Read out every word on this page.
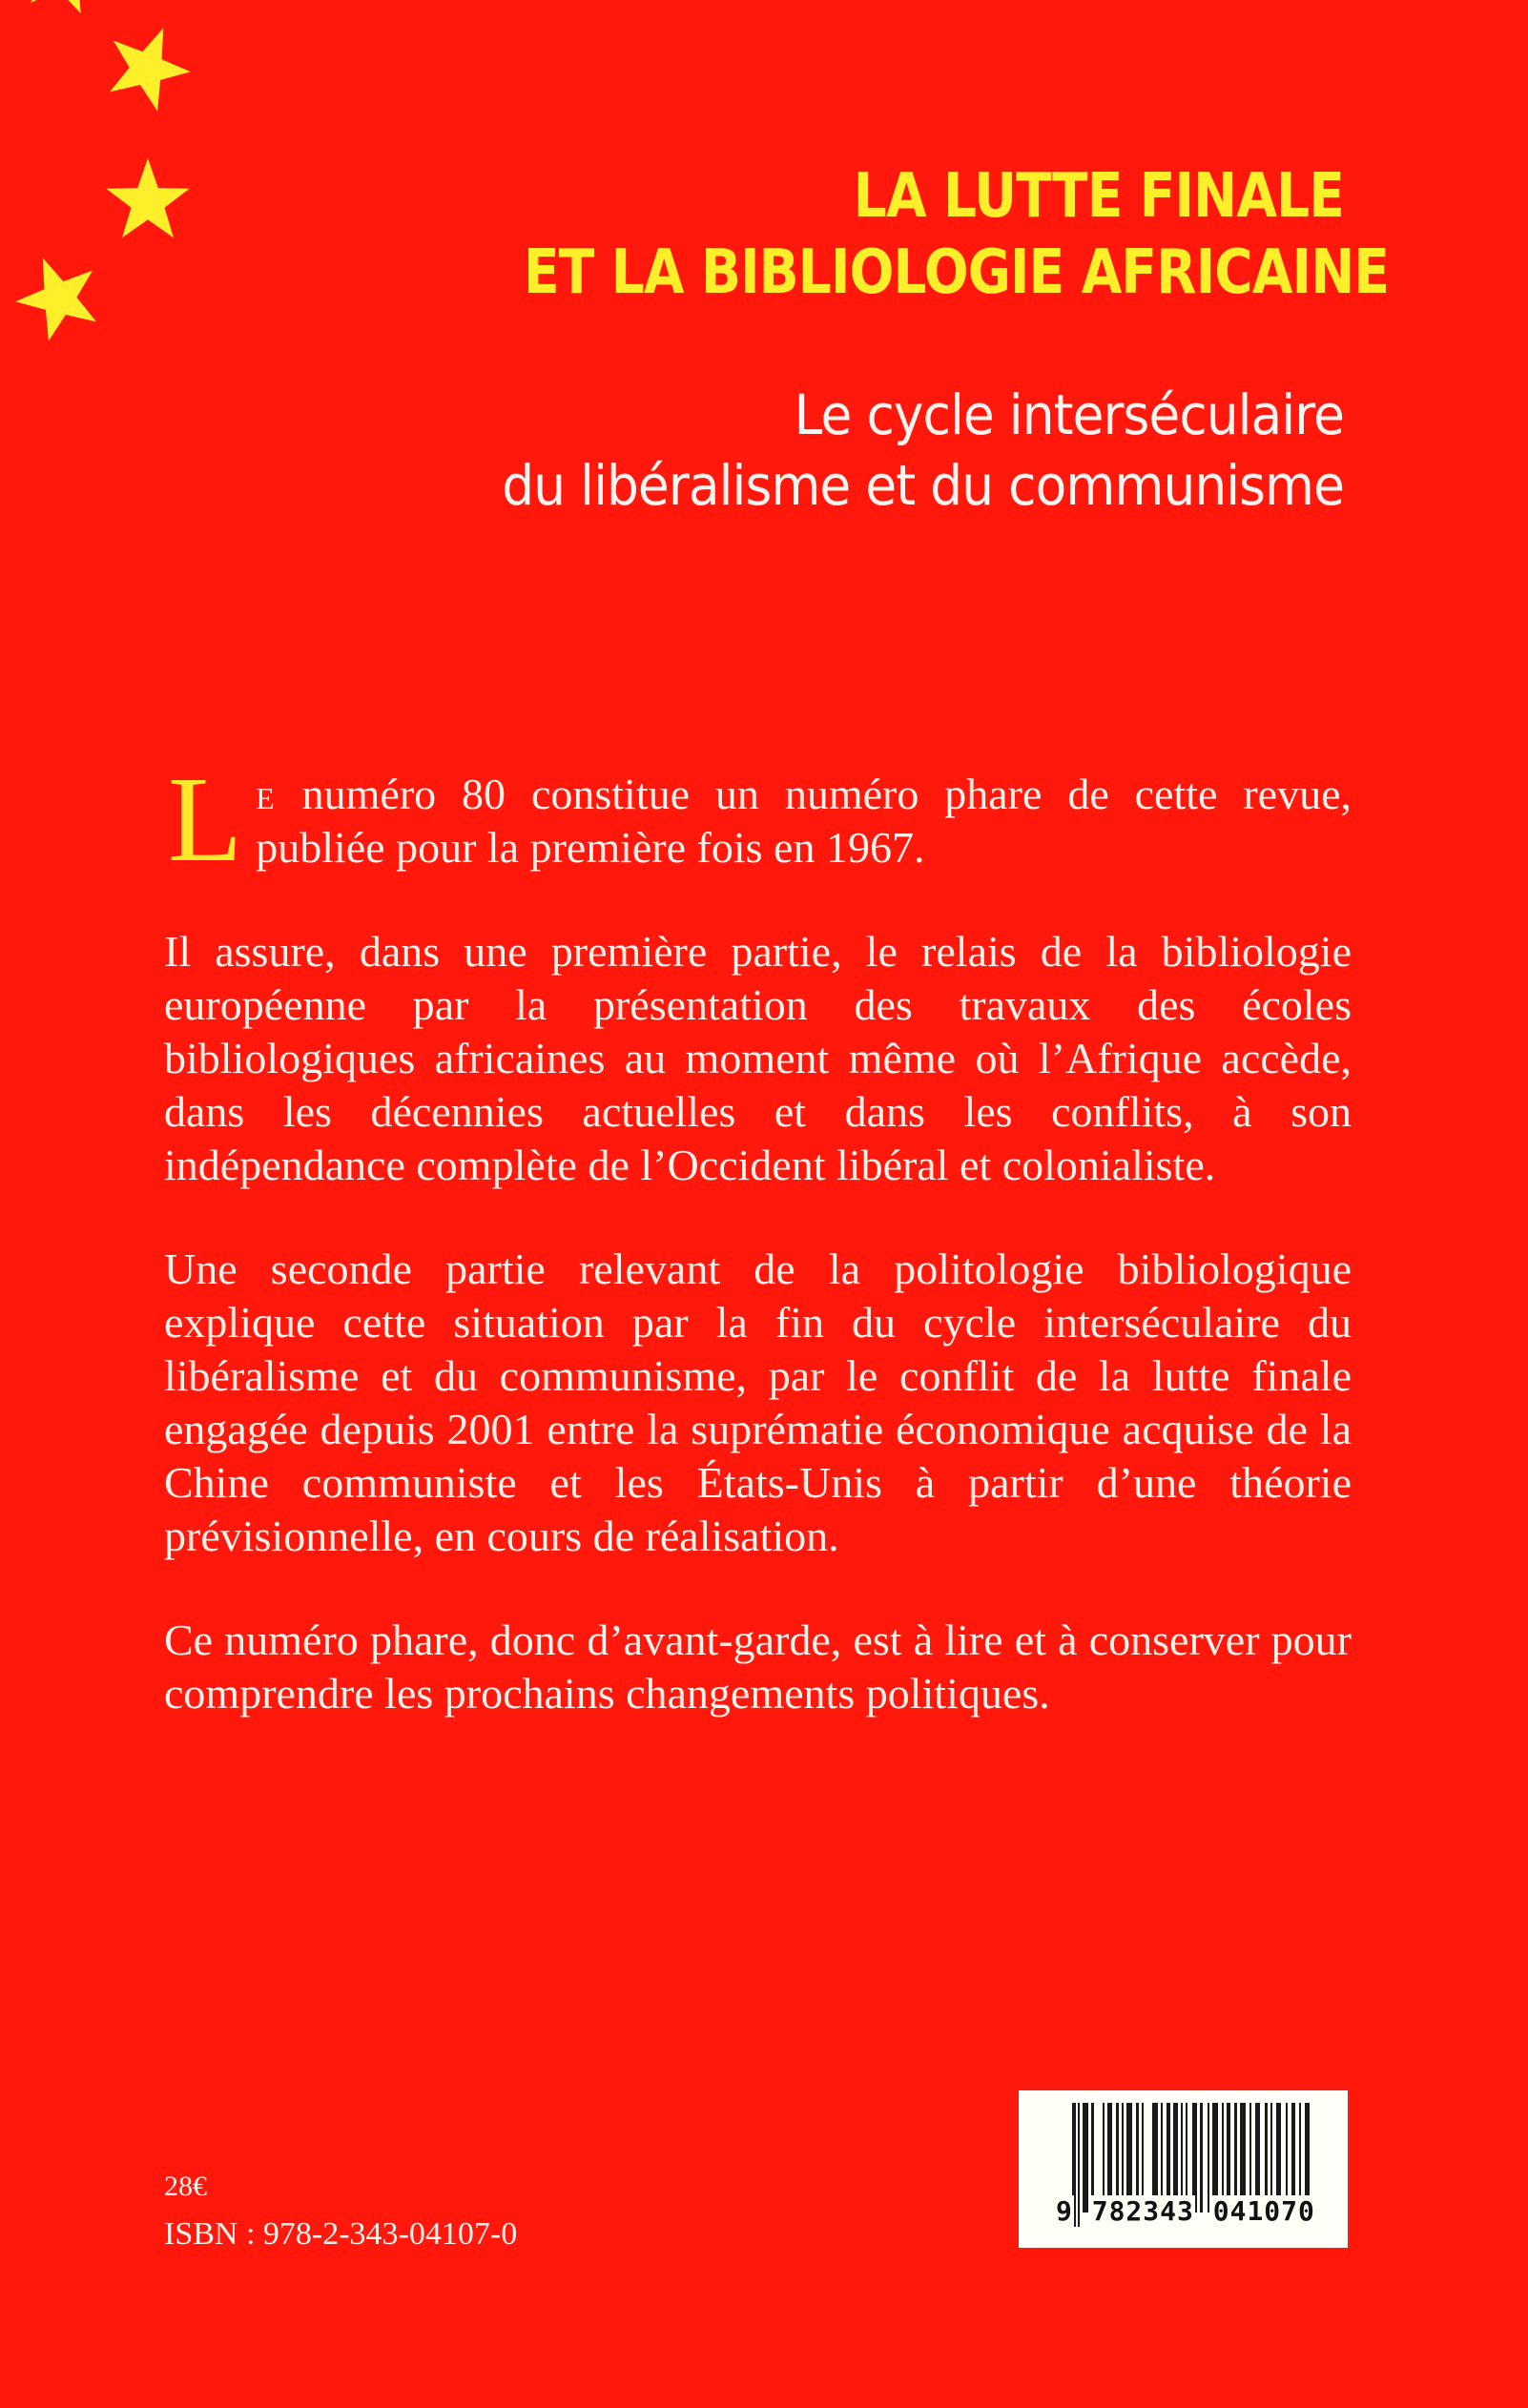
LA LUTTE FINALE
ET LA BIBLIOLOGIE AFRICAINE
Le cycle interséculaire
du libéralisme et du communisme

Le numéro 80 constitue un numéro phare de cette revue, publiée pour la première fois en 1967.

Il assure, dans une première partie, le relais de la bibliologie européenne par la présentation des travaux des écoles bibliologiques africaines au moment même où l’Afrique accède, dans les décennies actuelles et dans les conflits, à son indépendance complète de l’Occident libéral et colonialiste.

Une seconde partie relevant de la politologie bibliologique explique cette situation par la fin du cycle interséculaire du libéralisme et du communisme, par le conflit de la lutte finale engagée depuis 2001 entre la suprématie économique acquise de la Chine communiste et les États-Unis à partir d’une théorie prévisionnelle, en cours de réalisation.

Ce numéro phare, donc d’avant-garde, est à lire et à conserver pour comprendre les prochains changements politiques.

28€
ISBN : 978-2-343-04107-0
9 782343 041070
